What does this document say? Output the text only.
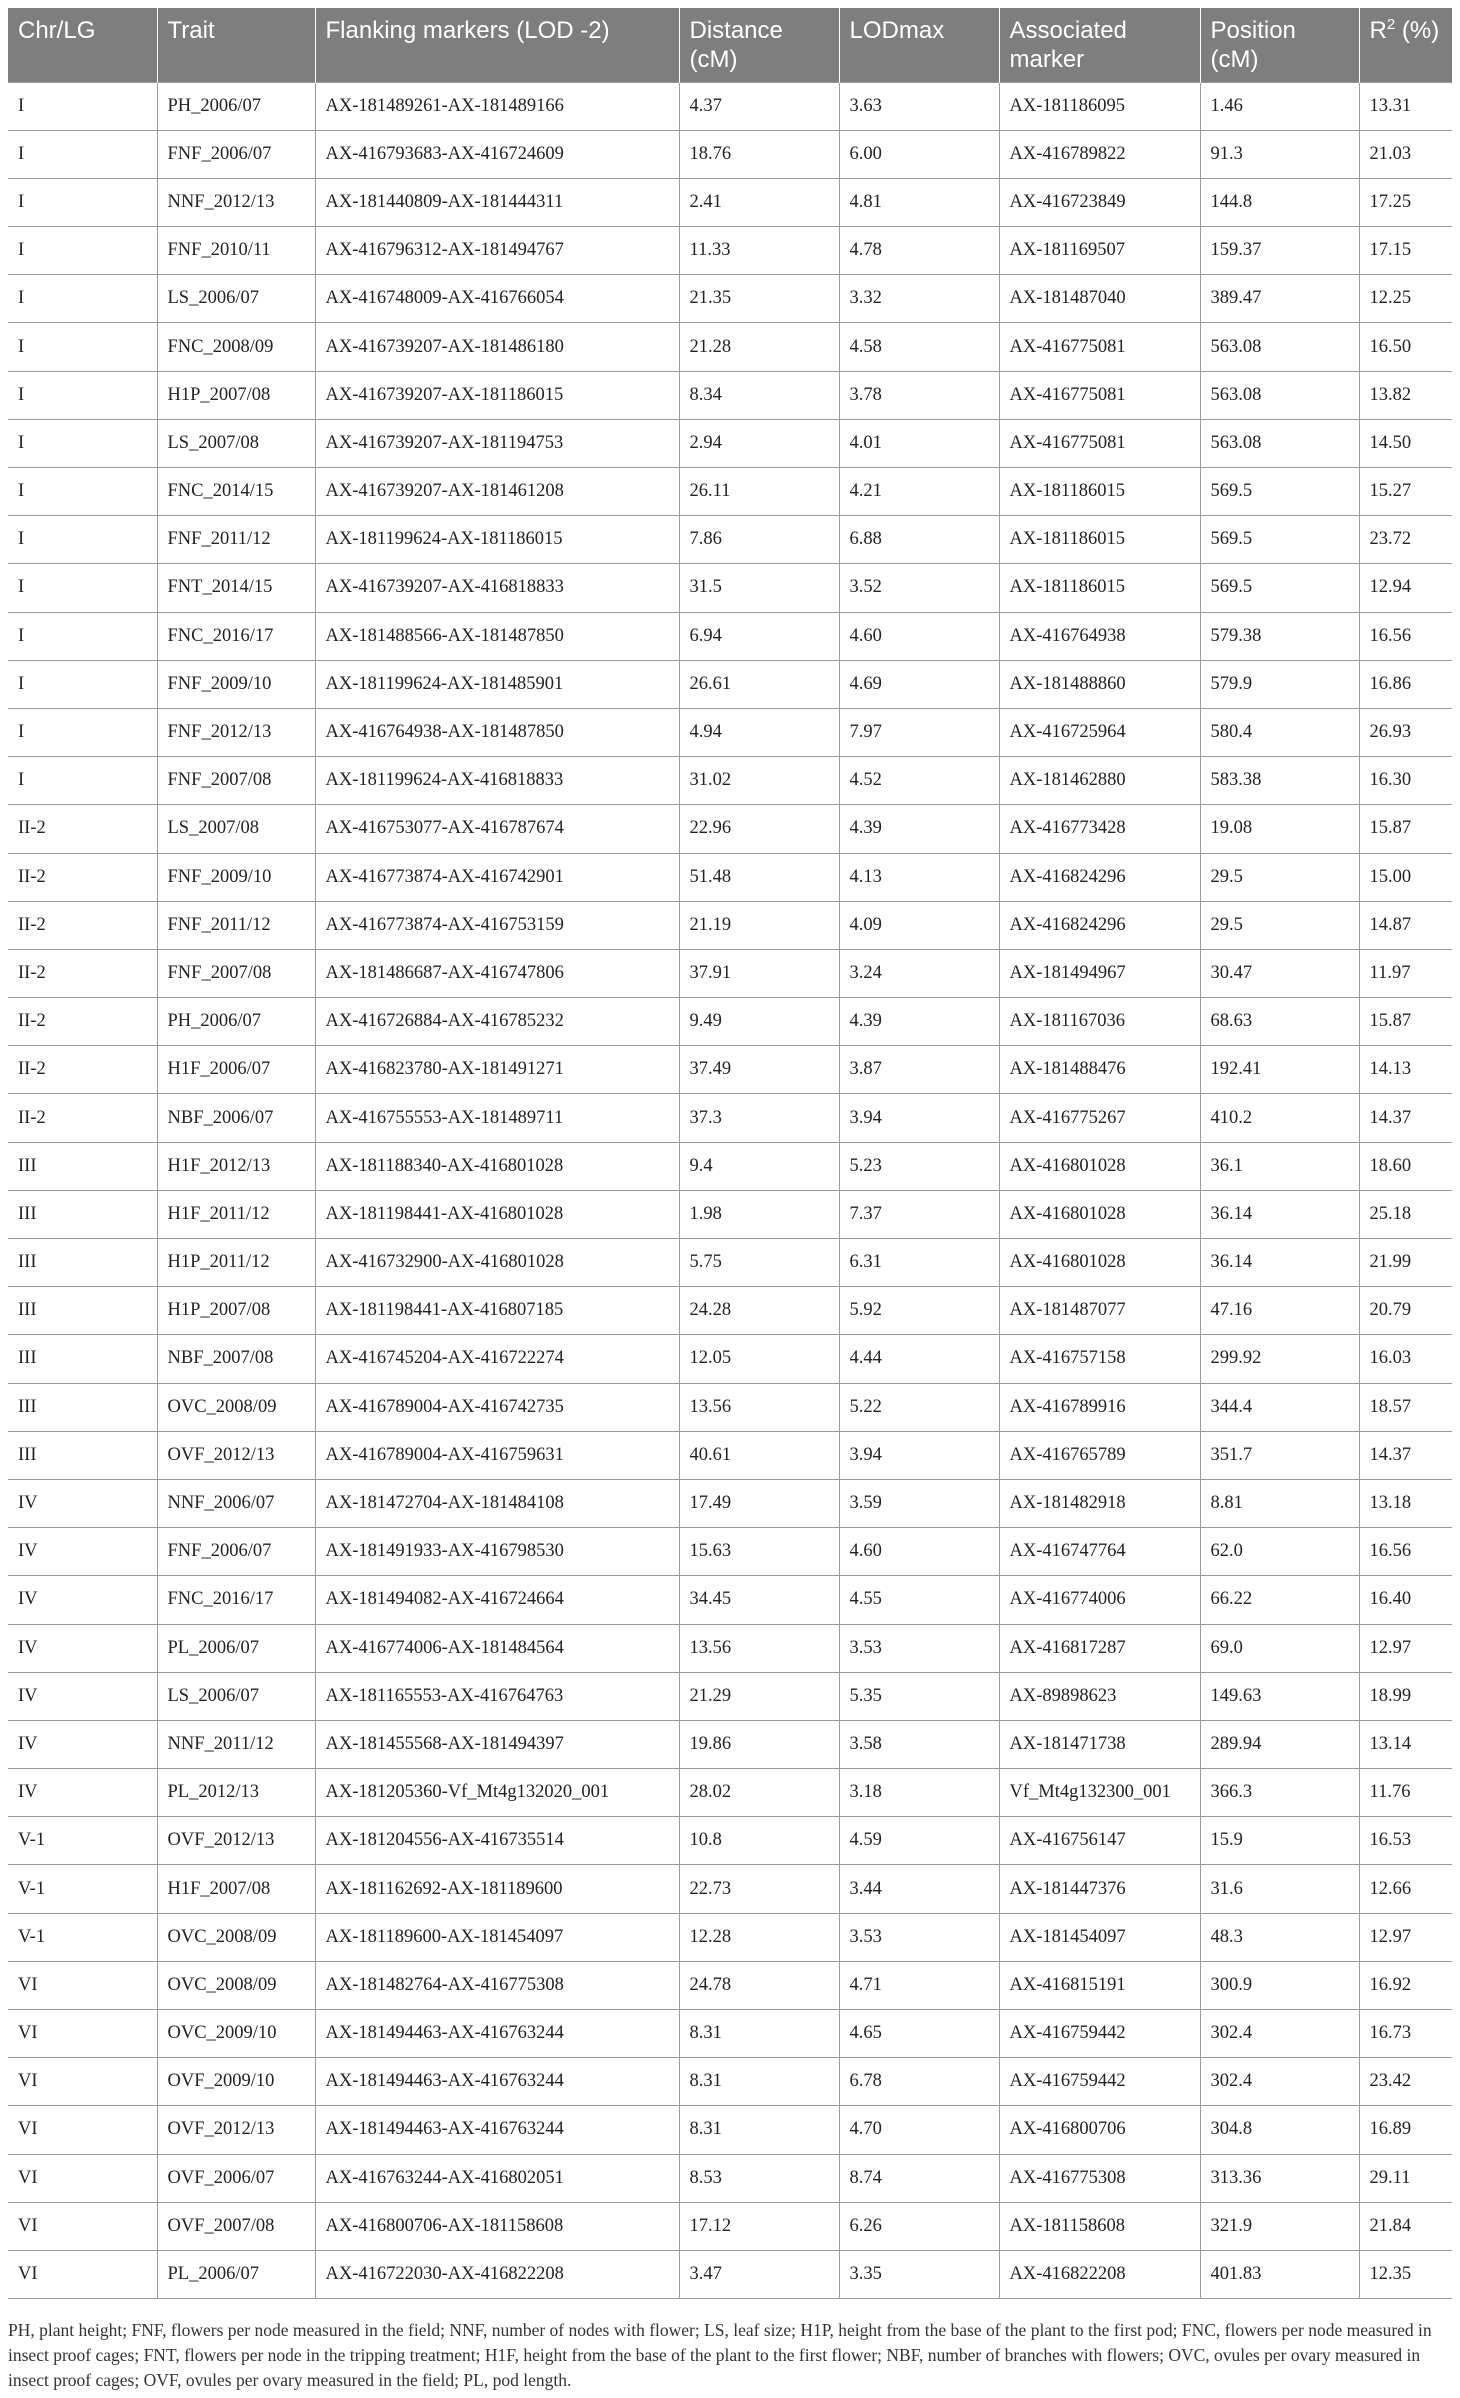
Chr/LG	Trait	Flanking markers (LOD -2)	Distance (cM)	LODmax	Associated marker	Position (cM)	$R^2$ (%)
I	PH_2006/07	AX-181489261-AX-181489166	4.37	3.63	AX-181186095	1.46	13.31
I	FNF_2006/07	AX-416793683-AX-416724609	18.76	6.00	AX-416789822	91.3	21.03
I	NNF_2012/13	AX-181440809-AX-181444311	2.41	4.81	AX-416723849	144.8	17.25
I	FNF_2010/11	AX-416796312-AX-181494767	11.33	4.78	AX-181169507	159.37	17.15
I	LS_2006/07	AX-416748009-AX-416766054	21.35	3.32	AX-181487040	389.47	12.25
I	FNC_2008/09	AX-416739207-AX-181486180	21.28	4.58	AX-416775081	563.08	16.50
I	H1P_2007/08	AX-416739207-AX-181186015	8.34	3.78	AX-416775081	563.08	13.82
I	LS_2007/08	AX-416739207-AX-181194753	2.94	4.01	AX-416775081	563.08	14.50
I	FNC_2014/15	AX-416739207-AX-181461208	26.11	4.21	AX-181186015	569.5	15.27
I	FNF_2011/12	AX-181199624-AX-181186015	7.86	6.88	AX-181186015	569.5	23.72
I	FNT_2014/15	AX-416739207-AX-416818833	31.5	3.52	AX-181186015	569.5	12.94
I	FNC_2016/17	AX-181488566-AX-181487850	6.94	4.60	AX-416764938	579.38	16.56
I	FNF_2009/10	AX-181199624-AX-181485901	26.61	4.69	AX-181488860	579.9	16.86
I	FNF_2012/13	AX-416764938-AX-181487850	4.94	7.97	AX-416725964	580.4	26.93
I	FNF_2007/08	AX-181199624-AX-416818833	31.02	4.52	AX-181462880	583.38	16.30
II-2	LS_2007/08	AX-416753077-AX-416787674	22.96	4.39	AX-416773428	19.08	15.87
II-2	FNF_2009/10	AX-416773874-AX-416742901	51.48	4.13	AX-416824296	29.5	15.00
II-2	FNF_2011/12	AX-416773874-AX-416753159	21.19	4.09	AX-416824296	29.5	14.87
II-2	FNF_2007/08	AX-181486687-AX-416747806	37.91	3.24	AX-181494967	30.47	11.97
II-2	PH_2006/07	AX-416726884-AX-416785232	9.49	4.39	AX-181167036	68.63	15.87
II-2	H1F_2006/07	AX-416823780-AX-181491271	37.49	3.87	AX-181488476	192.41	14.13
II-2	NBF_2006/07	AX-416755553-AX-181489711	37.3	3.94	AX-416775267	410.2	14.37
III	H1F_2012/13	AX-181188340-AX-416801028	9.4	5.23	AX-416801028	36.1	18.60
III	H1F_2011/12	AX-181198441-AX-416801028	1.98	7.37	AX-416801028	36.14	25.18
III	H1P_2011/12	AX-416732900-AX-416801028	5.75	6.31	AX-416801028	36.14	21.99
III	H1P_2007/08	AX-181198441-AX-416807185	24.28	5.92	AX-181487077	47.16	20.79
III	NBF_2007/08	AX-416745204-AX-416722274	12.05	4.44	AX-416757158	299.92	16.03
III	OVC_2008/09	AX-416789004-AX-416742735	13.56	5.22	AX-416789916	344.4	18.57
III	OVF_2012/13	AX-416789004-AX-416759631	40.61	3.94	AX-416765789	351.7	14.37
IV	NNF_2006/07	AX-181472704-AX-181484108	17.49	3.59	AX-181482918	8.81	13.18
IV	FNF_2006/07	AX-181491933-AX-416798530	15.63	4.60	AX-416747764	62.0	16.56
IV	FNC_2016/17	AX-181494082-AX-416724664	34.45	4.55	AX-416774006	66.22	16.40
IV	PL_2006/07	AX-416774006-AX-181484564	13.56	3.53	AX-416817287	69.0	12.97
IV	LS_2006/07	AX-181165553-AX-416764763	21.29	5.35	AX-89898623	149.63	18.99
IV	NNF_2011/12	AX-181455568-AX-181494397	19.86	3.58	AX-181471738	289.94	13.14
IV	PL_2012/13	AX-181205360-Vf_Mt4g132020_001	28.02	3.18	Vf_Mt4g132300_001	366.3	11.76
V-1	OVF_2012/13	AX-181204556-AX-416735514	10.8	4.59	AX-416756147	15.9	16.53
V-1	H1F_2007/08	AX-181162692-AX-181189600	22.73	3.44	AX-181447376	31.6	12.66
V-1	OVC_2008/09	AX-181189600-AX-181454097	12.28	3.53	AX-181454097	48.3	12.97
VI	OVC_2008/09	AX-181482764-AX-416775308	24.78	4.71	AX-416815191	300.9	16.92
VI	OVC_2009/10	AX-181494463-AX-416763244	8.31	4.65	AX-416759442	302.4	16.73
VI	OVF_2009/10	AX-181494463-AX-416763244	8.31	6.78	AX-416759442	302.4	23.42
VI	OVF_2012/13	AX-181494463-AX-416763244	8.31	4.70	AX-416800706	304.8	16.89
VI	OVF_2006/07	AX-416763244-AX-416802051	8.53	8.74	AX-416775308	313.36	29.11
VI	OVF_2007/08	AX-416800706-AX-181158608	17.12	6.26	AX-181158608	321.9	21.84
VI	PL_2006/07	AX-416722030-AX-416822208	3.47	3.35	AX-416822208	401.83	12.35
PH, plant height; FNF, flowers per node measured in the field; NNF, number of nodes with flower; LS, leaf size; H1P, height from the base of the plant to the first pod; FNC, flowers per node measured in insect proof cages; FNT, flowers per node in the tripping treatment; H1F, height from the base of the plant to the first flower; NBF, number of branches with flowers; OVC, ovules per ovary measured in insect proof cages; OVF, ovules per ovary measured in the field; PL, pod length.
